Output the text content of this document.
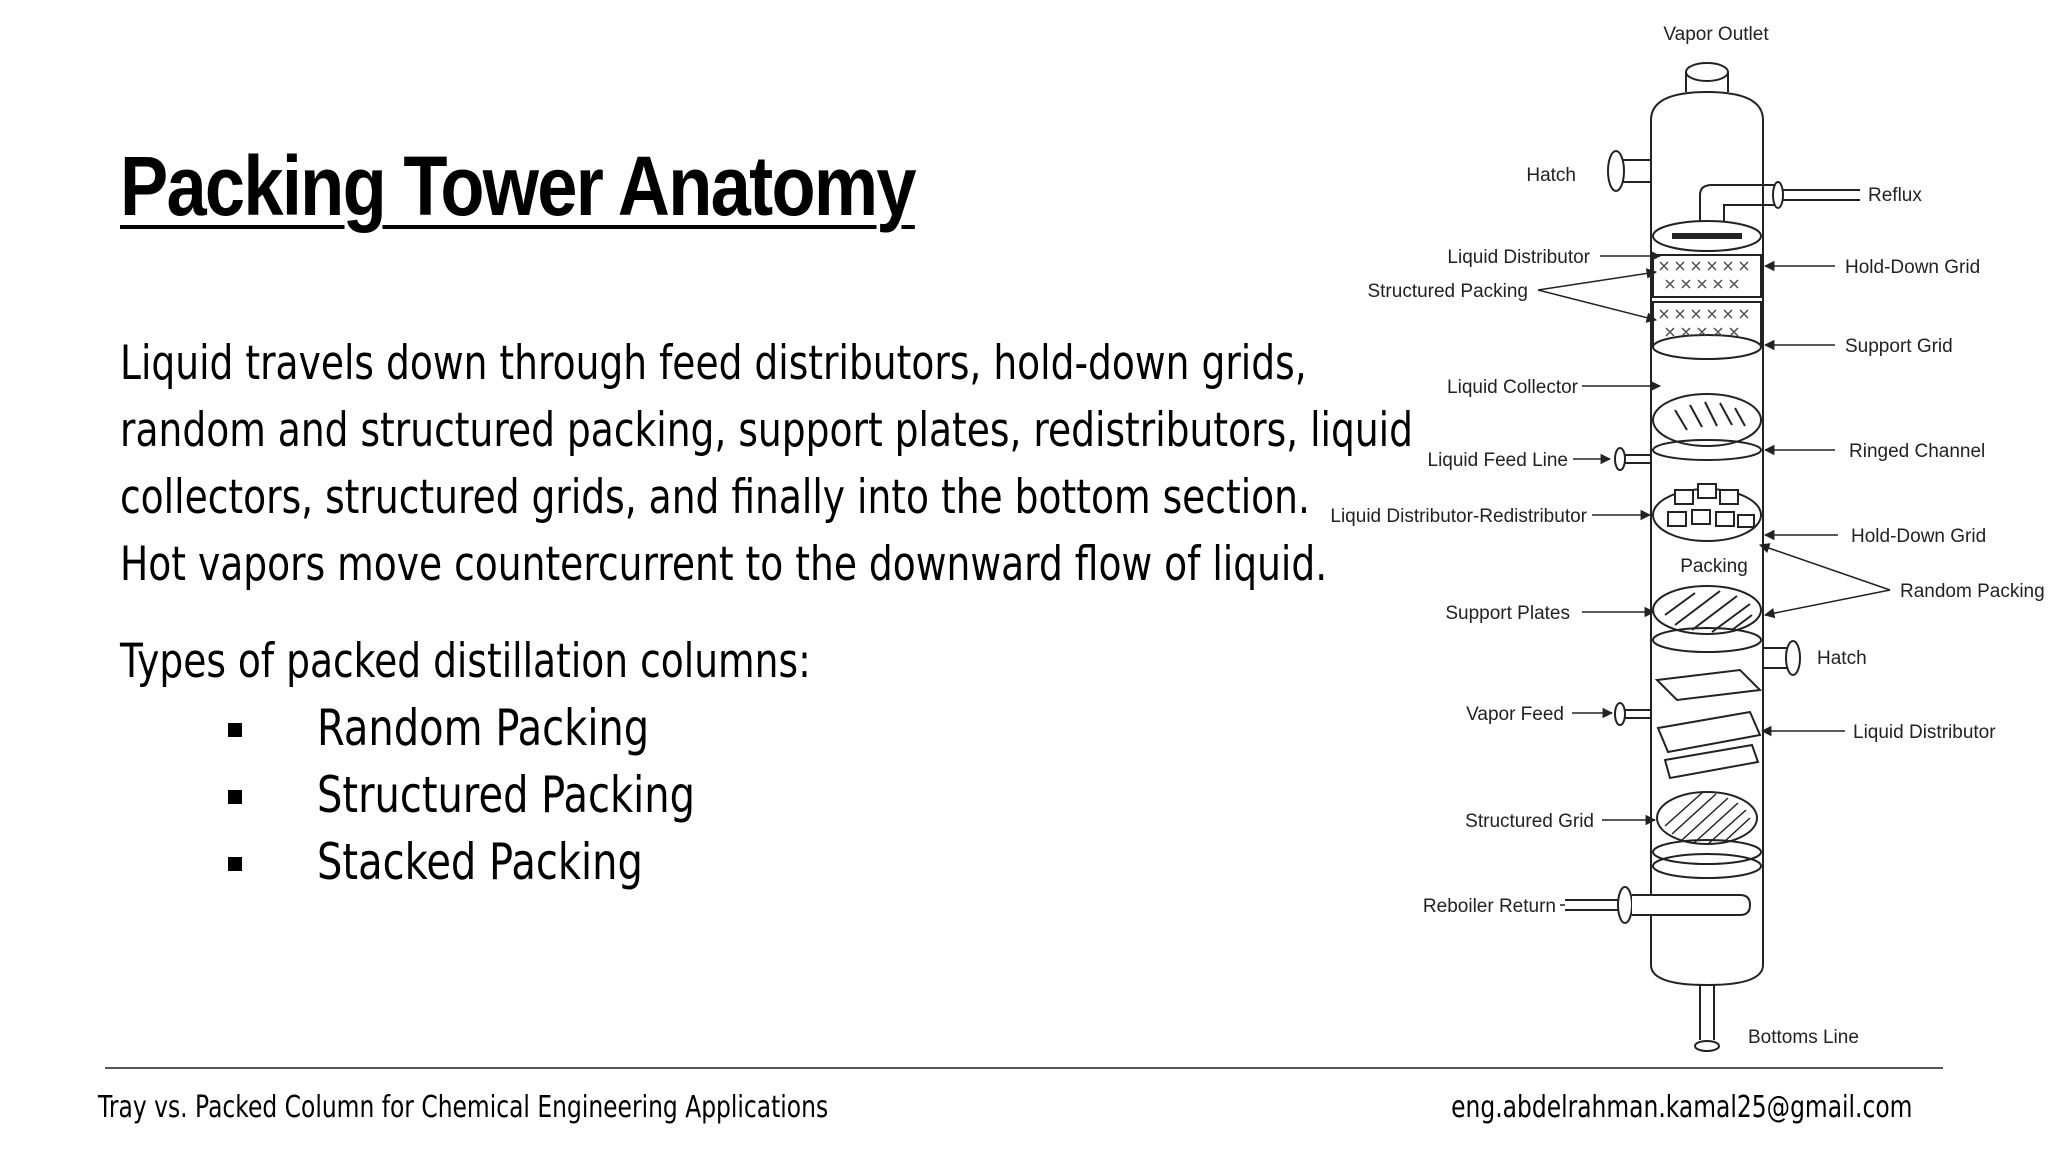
Packing Tower Anatomy

Liquid travels down through feed distributors, hold-down grids,

random and structured packing, support plates, redistributors, liquid

collectors, structured grids, and finally into the bottom section.

Hot vapors move countercurrent to the downward flow of liquid.

Types of packed distillation columns:
Random Packing
Structured Packing
Stacked Packing
Vapor Outlet
Hatch
Reflux
Liquid Distributor
Structured Packing
Hold-Down Grid
Support Grid
Liquid Collector
Liquid Feed Line	Ringed Channel
Liquid Distributor-Redistributor
Hold-Down Grid
Packing
Random Packing
Support Plates
Hatch
Vapor Feed
Liquid Distributor
Structured Grid
Reboiler Return
Bottoms Line
Tray vs. Packed Column for Chemical Engineering Applications	eng.abdelrahman.kamal25@gmail.com
